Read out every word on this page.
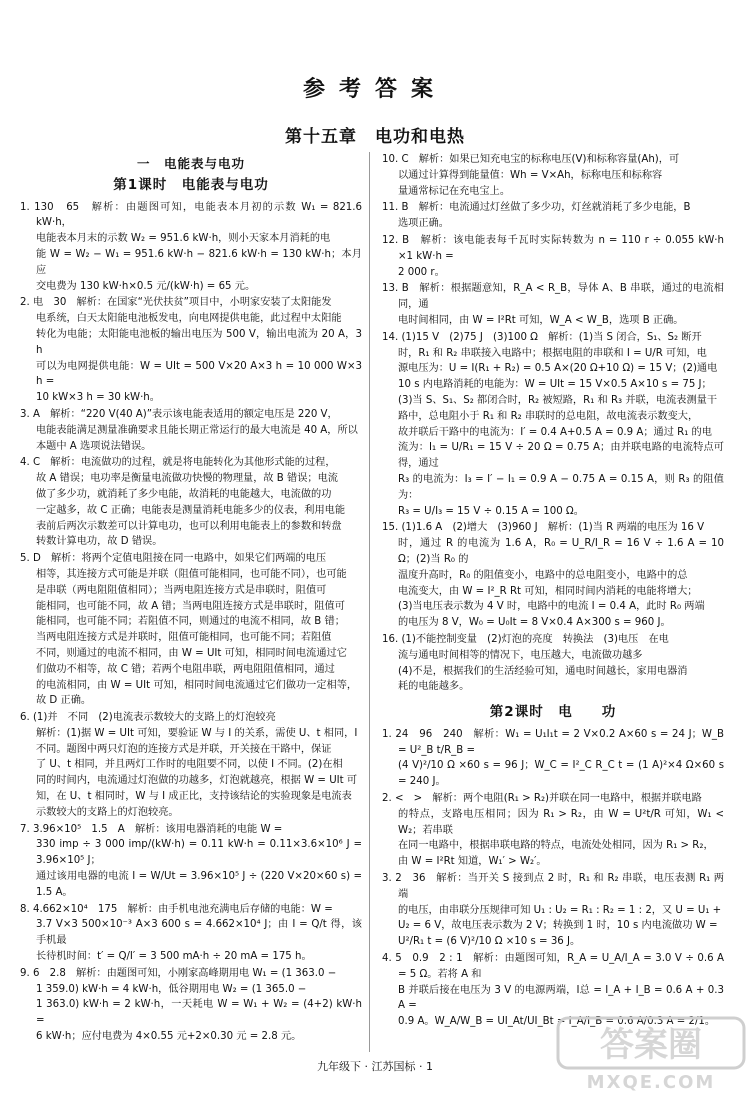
参考答案
第十五章　电功和电热
一　电能表与电功
第1课时　电能表与电功
1. 130　65　解析：由题图可知，电能表本月初的示数 W₁ = 821.6 kW·h，
电能表本月末的示数 W₂ = 951.6 kW·h，则小天家本月消耗的电
能 W = W₂ − W₁ = 951.6 kW·h − 821.6 kW·h = 130 kW·h；本月应
交电费为 130 kW·h×0.5 元/(kW·h) = 65 元。
2. 电　30　解析：在国家“光伏扶贫”项目中，小明家安装了太阳能发
电系统，白天太阳能电池板发电，向电网提供电能，此过程中太阳能
转化为电能；太阳能电池板的输出电压为 500 V，输出电流为 20 A，3 h
可以为电网提供电能：W = UIt = 500 V×20 A×3 h = 10 000 W×3 h =
10 kW×3 h = 30 kW·h。
3. A　解析：“220 V(40 A)”表示该电能表适用的额定电压是 220 V，
电能表能满足测量准确要求且能长期正常运行的最大电流是 40 A，所以
本题中 A 选项说法错误。
4. C　解析：电流做功的过程，就是将电能转化为其他形式能的过程，
故 A 错误；电功率是衡量电流做功快慢的物理量，故 B 错误；电流
做了多少功，就消耗了多少电能，故消耗的电能越大，电流做的功
一定越多，故 C 正确；电能表是测量消耗电能多少的仪表，利用电能
表前后两次示数差可以计算电功，也可以利用电能表上的参数和转盘
转数计算电功，故 D 错误。
5. D　解析：将两个定值电阻接在同一电路中，如果它们两端的电压
相等，其连接方式可能是并联（阻值可能相同，也可能不同），也可能
是串联（两电阻阻值相同）；当两电阻连接方式是串联时，阻值可
能相同，也可能不同，故 A 错；当两电阻连接方式是串联时，阻值可
能相同，也可能不同；若阻值不同，则通过的电流不相同，故 B 错；
当两电阻连接方式是并联时，阻值可能相同，也可能不同；若阻值
不同，则通过的电流不相同，由 W = UIt 可知，相同时间电流通过它
们做功不相等，故 C 错；若两个电阻串联，两电阻阻值相同，通过
的电流相同，由 W = UIt 可知，相同时间电流通过它们做功一定相等，
故 D 正确。
6. (1)并　不同　(2)电流表示数较大的支路上的灯泡较亮
解析：(1)据 W = UIt 可知，要验证 W 与 I 的关系，需使 U、t 相同，I
不同。题图中两只灯泡的连接方式是并联，开关接在干路中，保证
了 U、t 相同，并且两灯工作时的电阻要不同，以使 I 不同。(2)在相
同的时间内，电流通过灯泡做的功越多，灯泡就越亮，根据 W = UIt 可
知，在 U、t 相同时，W 与 I 成正比，支持该结论的实验现象是电流表
示数较大的支路上的灯泡较亮。
7. 3.96×10⁵　1.5　A　解析：该用电器消耗的电能 W =
330 imp ÷ 3 000 imp/(kW·h) = 0.11 kW·h = 0.11×3.6×10⁶ J = 3.96×10⁵ J；
通过该用电器的电流 I = W/Ut = 3.96×10⁵ J ÷ (220 V×20×60 s) = 1.5 A。
8. 4.662×10⁴　175　解析：由手机电池充满电后存储的电能：W =
3.7 V×3 500×10⁻³ A×3 600 s = 4.662×10⁴ J；由 I = Q/t 得，该手机最
长待机时间：t′ = Q/I′ = 3 500 mA·h ÷ 20 mA = 175 h。
9. 6　2.8　解析：由题图可知，小刚家高峰期用电 W₁ = (1 363.0 −
1 359.0) kW·h = 4 kW·h，低谷期用电 W₂ = (1 365.0 −
1 363.0) kW·h = 2 kW·h，一天耗电 W = W₁ + W₂ = (4+2) kW·h =
6 kW·h；应付电费为 4×0.55 元+2×0.30 元 = 2.8 元。
10. C　解析：如果已知充电宝的标称电压(V)和标称容量(Ah)，可
以通过计算得到能量值：Wh = V×Ah，标称电压和标称容
量通常标记在充电宝上。
11. B　解析：电流通过灯丝做了多少功，灯丝就消耗了多少电能，B
选项正确。
12. B　解析：该电能表每千瓦时实际转数为 n = 110 r ÷ 0.055 kW·h ×1 kW·h =
2 000 r。
13. B　解析：根据题意知，R_A < R_B，导体 A、B 串联，通过的电流相同，通
电时间相同，由 W = I²Rt 可知，W_A < W_B，选项 B 正确。
14. (1)15 V　(2)75 J　(3)100 Ω　解析：(1)当 S 闭合，S₁、S₂ 断开
时，R₁ 和 R₂ 串联接入电路中；根据电阻的串联和 I = U/R 可知，电
源电压为：U = I(R₁ + R₂) = 0.5 A×(20 Ω+10 Ω) = 15 V；(2)通电
10 s 内电路消耗的电能为：W = UIt = 15 V×0.5 A×10 s = 75 J；
(3)当 S、S₁、S₂ 都闭合时，R₂ 被短路，R₁ 和 R₃ 并联，电流表测量干
路中，总电阻小于 R₁ 和 R₂ 串联时的总电阻，故电流表示数变大，
故并联后干路中的电流为：I′ = 0.4 A+0.5 A = 0.9 A；通过 R₁ 的电
流为：I₁ = U/R₁ = 15 V ÷ 20 Ω = 0.75 A；由并联电路的电流特点可得，通过
R₃ 的电流为：I₃ = I′ − I₁ = 0.9 A − 0.75 A = 0.15 A，则 R₃ 的阻值为：
R₃ = U/I₃ = 15 V ÷ 0.15 A = 100 Ω。
15. (1)1.6 A　(2)增大　(3)960 J　解析：(1)当 R 两端的电压为 16 V
时，通过 R 的电流为 1.6 A，R₀ = U_R/I_R = 16 V ÷ 1.6 A = 10 Ω；(2)当 R₀ 的
温度升高时，R₀ 的阻值变小，电路中的总电阻变小，电路中的总
电流变大，由 W = I²_R Rt 可知，相同时间内消耗的电能将增大；
(3)当电压表示数为 4 V 时，电路中的电流 I = 0.4 A，此时 R₀ 两端
的电压为 8 V，W₀ = U₀It = 8 V×0.4 A×300 s = 960 J。
16. (1)不能控制变量　(2)灯泡的亮度　转换法　(3)电压　在电
流与通电时间相等的情况下，电压越大，电流做功越多
(4)不是，根据我们的生活经验可知，通电时间越长，家用电器消
耗的电能越多。
第2课时　电　　功
1. 24　96　240　解析：W₁ = U₁I₁t = 2 V×0.2 A×60 s = 24 J；W_B = U²_B t/R_B =
(4 V)²/10 Ω ×60 s = 96 J；W_C = I²_C R_C t = (1 A)²×4 Ω×60 s = 240 J。
2. <　>　解析：两个电阻(R₁ > R₂)并联在同一电路中，根据并联电路
的特点，支路电压相同；因为 R₁ > R₂，由 W = U²t/R 可知，W₁ < W₂；若串联
在同一电路中，根据串联电路的特点，电流处处相同，因为 R₁ > R₂，
由 W = I²Rt 知道，W₁′ > W₂′。
3. 2　36　解析：当开关 S 接到点 2 时，R₁ 和 R₂ 串联，电压表测 R₁ 两端
的电压，由串联分压规律可知 U₁ : U₂ = R₁ : R₂ = 1 : 2，又 U = U₁ +
U₂ = 6 V，故电压表示数为 2 V；转换到 1 时，10 s 内电流做功 W =
U²/R₁ t = (6 V)²/10 Ω ×10 s = 36 J。
4. 5　0.9　2 : 1　解析：由题图可知，R_A = U_A/I_A = 3.0 V ÷ 0.6 A = 5 Ω。若将 A 和
B 并联后接在电压为 3 V 的电源两端，I总 = I_A + I_B = 0.6 A + 0.3 A =
0.9 A。W_A/W_B = UI_At/UI_Bt = I_A/I_B = 0.6 A/0.3 A = 2/1。
九年级下 · 江苏国标 · 1
答案圈
MXQE.COM
